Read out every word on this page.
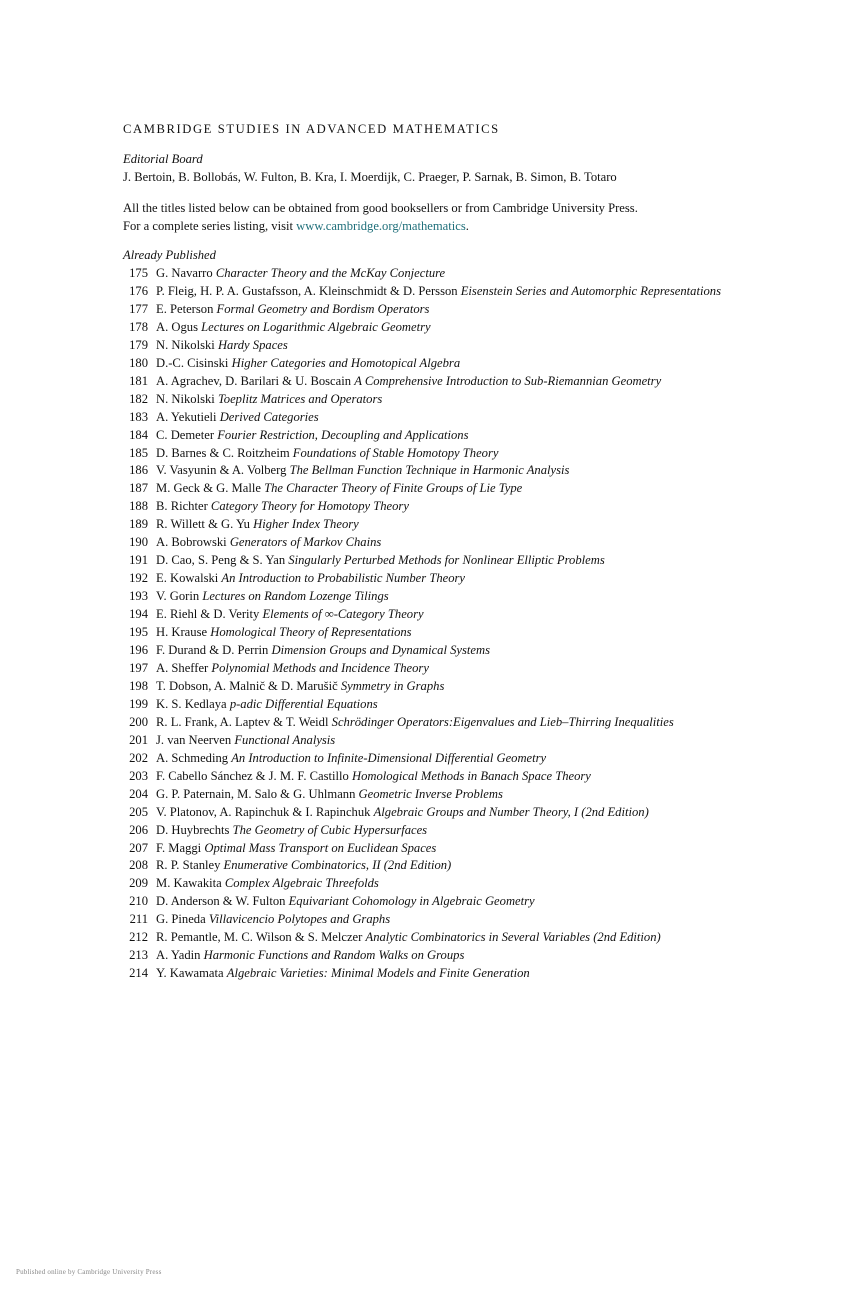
CAMBRIDGE STUDIES IN ADVANCED MATHEMATICS
Editorial Board
J. Bertoin, B. Bollobás, W. Fulton, B. Kra, I. Moerdijk, C. Praeger, P. Sarnak, B. Simon, B. Totaro
All the titles listed below can be obtained from good booksellers or from Cambridge University Press.
For a complete series listing, visit www.cambridge.org/mathematics.
Already Published
175 G. Navarro Character Theory and the McKay Conjecture
176 P. Fleig, H. P. A. Gustafsson, A. Kleinschmidt & D. Persson Eisenstein Series and Automorphic Representations
177 E. Peterson Formal Geometry and Bordism Operators
178 A. Ogus Lectures on Logarithmic Algebraic Geometry
179 N. Nikolski Hardy Spaces
180 D.-C. Cisinski Higher Categories and Homotopical Algebra
181 A. Agrachev, D. Barilari & U. Boscain A Comprehensive Introduction to Sub-Riemannian Geometry
182 N. Nikolski Toeplitz Matrices and Operators
183 A. Yekutieli Derived Categories
184 C. Demeter Fourier Restriction, Decoupling and Applications
185 D. Barnes & C. Roitzheim Foundations of Stable Homotopy Theory
186 V. Vasyunin & A. Volberg The Bellman Function Technique in Harmonic Analysis
187 M. Geck & G. Malle The Character Theory of Finite Groups of Lie Type
188 B. Richter Category Theory for Homotopy Theory
189 R. Willett & G. Yu Higher Index Theory
190 A. Bobrowski Generators of Markov Chains
191 D. Cao, S. Peng & S. Yan Singularly Perturbed Methods for Nonlinear Elliptic Problems
192 E. Kowalski An Introduction to Probabilistic Number Theory
193 V. Gorin Lectures on Random Lozenge Tilings
194 E. Riehl & D. Verity Elements of ∞-Category Theory
195 H. Krause Homological Theory of Representations
196 F. Durand & D. Perrin Dimension Groups and Dynamical Systems
197 A. Sheffer Polynomial Methods and Incidence Theory
198 T. Dobson, A. Malnič & D. Marušič Symmetry in Graphs
199 K. S. Kedlaya p-adic Differential Equations
200 R. L. Frank, A. Laptev & T. Weidl Schrödinger Operators:Eigenvalues and Lieb–Thirring Inequalities
201 J. van Neerven Functional Analysis
202 A. Schmeding An Introduction to Infinite-Dimensional Differential Geometry
203 F. Cabello Sánchez & J. M. F. Castillo Homological Methods in Banach Space Theory
204 G. P. Paternain, M. Salo & G. Uhlmann Geometric Inverse Problems
205 V. Platonov, A. Rapinchuk & I. Rapinchuk Algebraic Groups and Number Theory, I (2nd Edition)
206 D. Huybrechts The Geometry of Cubic Hypersurfaces
207 F. Maggi Optimal Mass Transport on Euclidean Spaces
208 R. P. Stanley Enumerative Combinatorics, II (2nd Edition)
209 M. Kawakita Complex Algebraic Threefolds
210 D. Anderson & W. Fulton Equivariant Cohomology in Algebraic Geometry
211 G. Pineda Villavicencio Polytopes and Graphs
212 R. Pemantle, M. C. Wilson & S. Melczer Analytic Combinatorics in Several Variables (2nd Edition)
213 A. Yadin Harmonic Functions and Random Walks on Groups
214 Y. Kawamata Algebraic Varieties: Minimal Models and Finite Generation
Published online by Cambridge University Press
